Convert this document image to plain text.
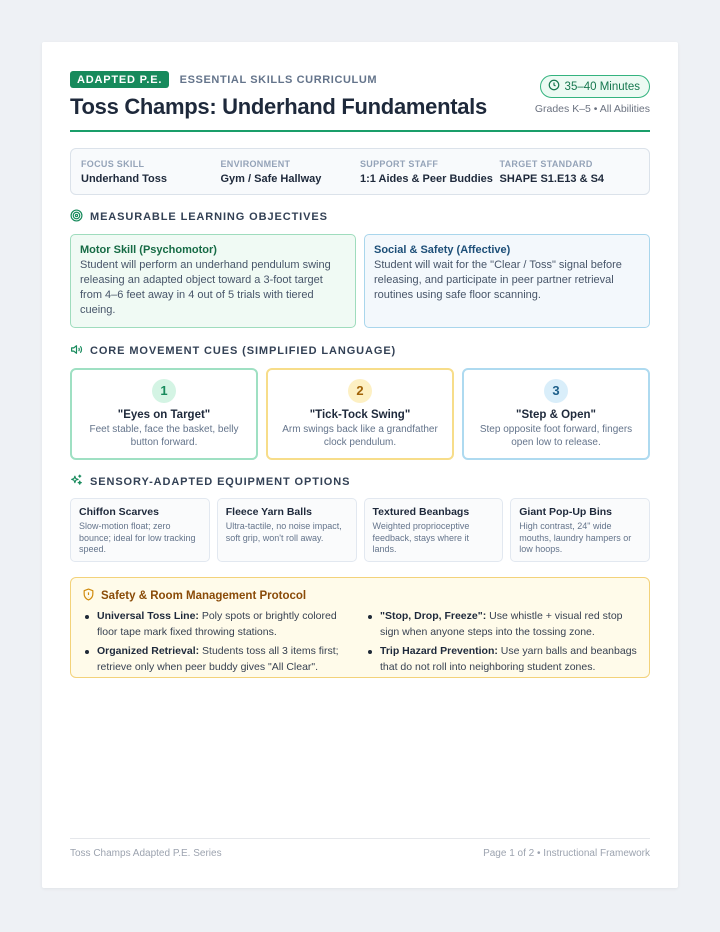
ADAPTED P.E. ESSENTIAL SKILLS CURRICULUM
Toss Champs: Underhand Fundamentals
35–40 Minutes
Grades K–5 • All Abilities
FOCUS SKILL
Underhand Toss
ENVIRONMENT
Gym / Safe Hallway
SUPPORT STAFF
1:1 Aides & Peer Buddies
TARGET STANDARD
SHAPE S1.E13 & S4
MEASURABLE LEARNING OBJECTIVES
Motor Skill (Psychomotor)
Student will perform an underhand pendulum swing releasing an adapted object toward a 3-foot target from 4–6 feet away in 4 out of 5 trials with tiered cueing.
Social & Safety (Affective)
Student will wait for the "Clear / Toss" signal before releasing, and participate in peer partner retrieval routines using safe floor scanning.
CORE MOVEMENT CUES (SIMPLIFIED LANGUAGE)
1
"Eyes on Target"
Feet stable, face the basket, belly button forward.
2
"Tick-Tock Swing"
Arm swings back like a grandfather clock pendulum.
3
"Step & Open"
Step opposite foot forward, fingers open low to release.
SENSORY-ADAPTED EQUIPMENT OPTIONS
Chiffon Scarves
Slow-motion float; zero bounce; ideal for low tracking speed.
Fleece Yarn Balls
Ultra-tactile, no noise impact, soft grip, won't roll away.
Textured Beanbags
Weighted proprioceptive feedback, stays where it lands.
Giant Pop-Up Bins
High contrast, 24" wide mouths, laundry hampers or low hoops.
Safety & Room Management Protocol
Universal Toss Line: Poly spots or brightly colored floor tape mark fixed throwing stations.
Organized Retrieval: Students toss all 3 items first; retrieve only when peer buddy gives "All Clear".
"Stop, Drop, Freeze": Use whistle + visual red stop sign when anyone steps into the tossing zone.
Trip Hazard Prevention: Use yarn balls and beanbags that do not roll into neighboring student zones.
Toss Champs Adapted P.E. Series	Page 1 of 2 • Instructional Framework
